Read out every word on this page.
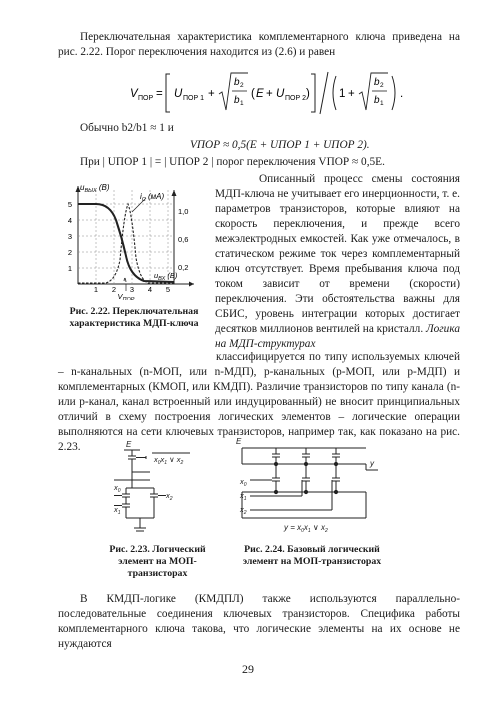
Переключательная характеристика комплементарного ключа приведена на рис. 2.22. Порог переключения находится из (2.6) и равен

V ПОР = U ПОР 1 +
b 2
b 1
( E + U ПОР 2 )	1 +
b 2
b 1
.
Обычно b2/b1 ≈ 1 и
VПОР ≈ 0,5(E + UПОР 1 + UПОР 2).
При | UПОР 1 | = | UПОР 2 | порог переключения VПОР ≈ 0,5E.

Описанный процесс смены состояния МДП-ключа не учитывает его инерционности, т. е. параметров транзисторов, которые влияют на скорость переключения, и прежде всего межэлектродных емкостей. Как уже отмечалось, в статическом режиме ток через комплементарный ключ отсутствует. Время пребывания ключа под током зависит от времени (скорости) переключения. Эти обстоятельства важны для СБИС, уровень интеграции которых достигает десятков миллионов вентилей на кристалл. Логика на МДП-структурах

$V_{ПОР}$
$u_{ВЫХ}$ (В)
$i_C$ (мА)
$u_{ВХ}$ (В)
5
4
3
2
1
1 2 3 4 5
1,0
0,6
0,2
Рис. 2.22. Переключательная характеристика МДП-ключа

классифицируется по типу используемых ключей – n-канальных (n-МОП, или n-МДП), p-канальных (p-МОП, или p-МДП) и комплементарных (КМОП, или КМДП). Различие транзисторов по типу канала (n- или p-канал, канал встроенный или индуцированный) не вносит принципиальных отличий в схему построения логических элементов – логические операции выполняются на сети ключевых транзисторов, например так, как показано на рис. 2.23.	E
$x_0x_1$ ∨ $x_2$
$x_0$	$x_2$
$x_1$
Рис. 2.23. Логический элемент на МОП-транзисторах
E
y
$x_0$
$x_1$
$x_2$
$y = x_0x_1$ ∨ $x_2$
Рис. 2.24. Базовый логический элемент на МОП-транзисторах

В КМДП-логике (КМДПЛ) также используются параллельно-последовательные соединения ключевых транзисторов. Специфика работы комплементарного ключа такова, что логические элементы на их основе не нуждаются

29
